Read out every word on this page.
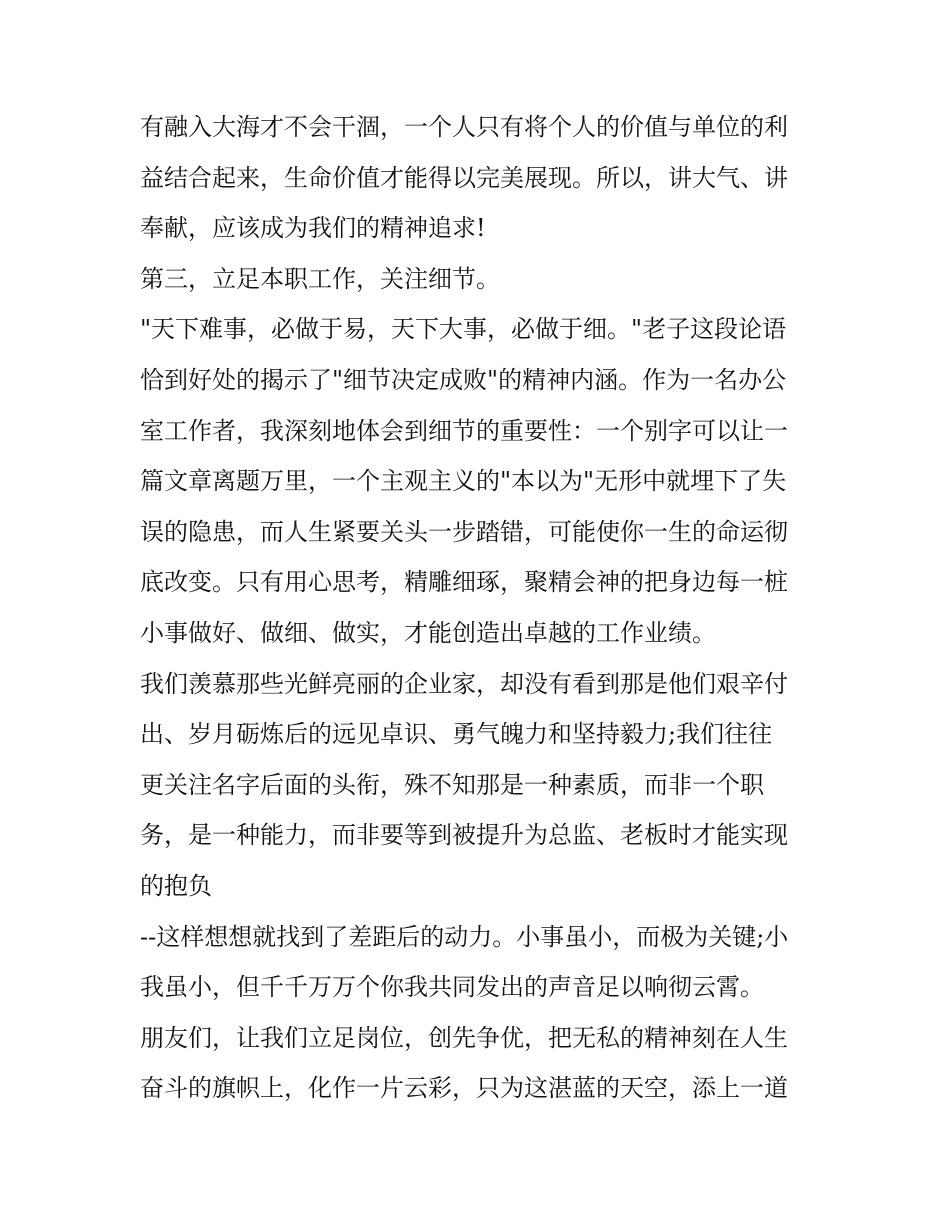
有融入大海才不会干涸，一个人只有将个人的价值与单位的利
益结合起来，生命价值才能得以完美展现。所以，讲大气、讲
奉献，应该成为我们的精神追求!
第三，立足本职工作，关注细节。
"天下难事，必做于易，天下大事，必做于细。"老子这段论语
恰到好处的揭示了"细节决定成败"的精神内涵。作为一名办公
室工作者，我深刻地体会到细节的重要性：一个别字可以让一
篇文章离题万里，一个主观主义的"本以为"无形中就埋下了失
误的隐患，而人生紧要关头一步踏错，可能使你一生的命运彻
底改变。只有用心思考，精雕细琢，聚精会神的把身边每一桩
小事做好、做细、做实，才能创造出卓越的工作业绩。
我们羡慕那些光鲜亮丽的企业家，却没有看到那是他们艰辛付
出、岁月砺炼后的远见卓识、勇气魄力和坚持毅力;我们往往
更关注名字后面的头衔，殊不知那是一种素质，而非一个职
务，是一种能力，而非要等到被提升为总监、老板时才能实现
的抱负
--这样想想就找到了差距后的动力。小事虽小，而极为关键;小
我虽小，但千千万万个你我共同发出的声音足以响彻云霄。
朋友们，让我们立足岗位，创先争优，把无私的精神刻在人生
奋斗的旗帜上，化作一片云彩，只为这湛蓝的天空，添上一道
